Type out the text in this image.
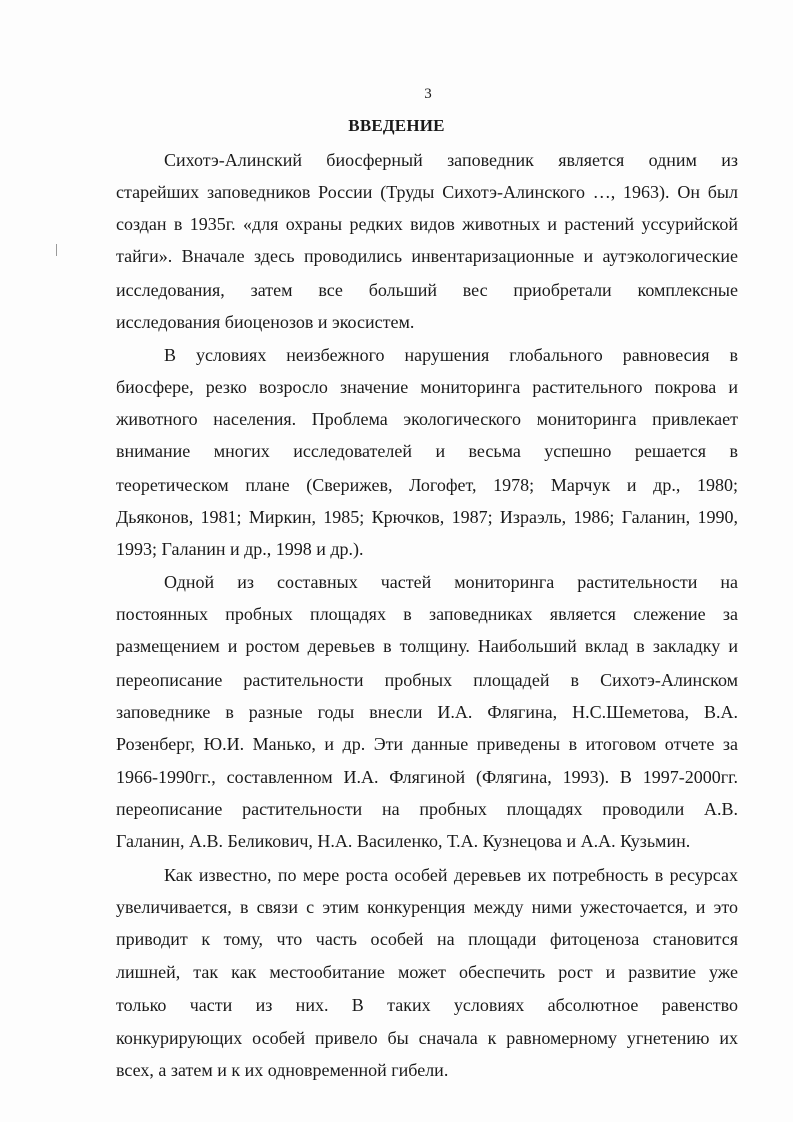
3
ВВЕДЕНИЕ
Сихотэ-Алинский биосферный заповедник является одним из
старейших заповедников России (Труды Сихотэ-Алинского …, 1963). Он был
создан в 1935г. «для охраны редких видов животных и растений уссурийской
тайги». Вначале здесь проводились инвентаризационные и аутэкологические
исследования, затем все больший вес приобретали комплексные
исследования биоценозов и экосистем.
В условиях неизбежного нарушения глобального равновесия в
биосфере, резко возросло значение мониторинга растительного покрова и
животного населения. Проблема экологического мониторинга привлекает
внимание многих исследователей и весьма успешно решается в
теоретическом плане (Сверижев, Логофет, 1978; Марчук и др., 1980;
Дьяконов, 1981; Миркин, 1985; Крючков, 1987; Израэль, 1986; Галанин, 1990,
1993; Галанин и др., 1998 и др.).
Одной из составных частей мониторинга растительности на
постоянных пробных площадях в заповедниках является слежение за
размещением и ростом деревьев в толщину. Наибольший вклад в закладку и
переописание растительности пробных площадей в Сихотэ-Алинском
заповеднике в разные годы внесли И.А. Флягина, Н.С.Шеметова, В.А.
Розенберг, Ю.И. Манько, и др. Эти данные приведены в итоговом отчете за
1966-1990гг., составленном И.А. Флягиной (Флягина, 1993). В 1997-2000гг.
переописание растительности на пробных площадях проводили А.В.
Галанин, А.В. Беликович, Н.А. Василенко, Т.А. Кузнецова и А.А. Кузьмин.
Как известно, по мере роста особей деревьев их потребность в ресурсах
увеличивается, в связи с этим конкуренция между ними ужесточается, и это
приводит к тому, что часть особей на площади фитоценоза становится
лишней, так как местообитание может обеспечить рост и развитие уже
только части из них. В таких условиях абсолютное равенство
конкурирующих особей привело бы сначала к равномерному угнетению их
всех, а затем и к их одновременной гибели.
